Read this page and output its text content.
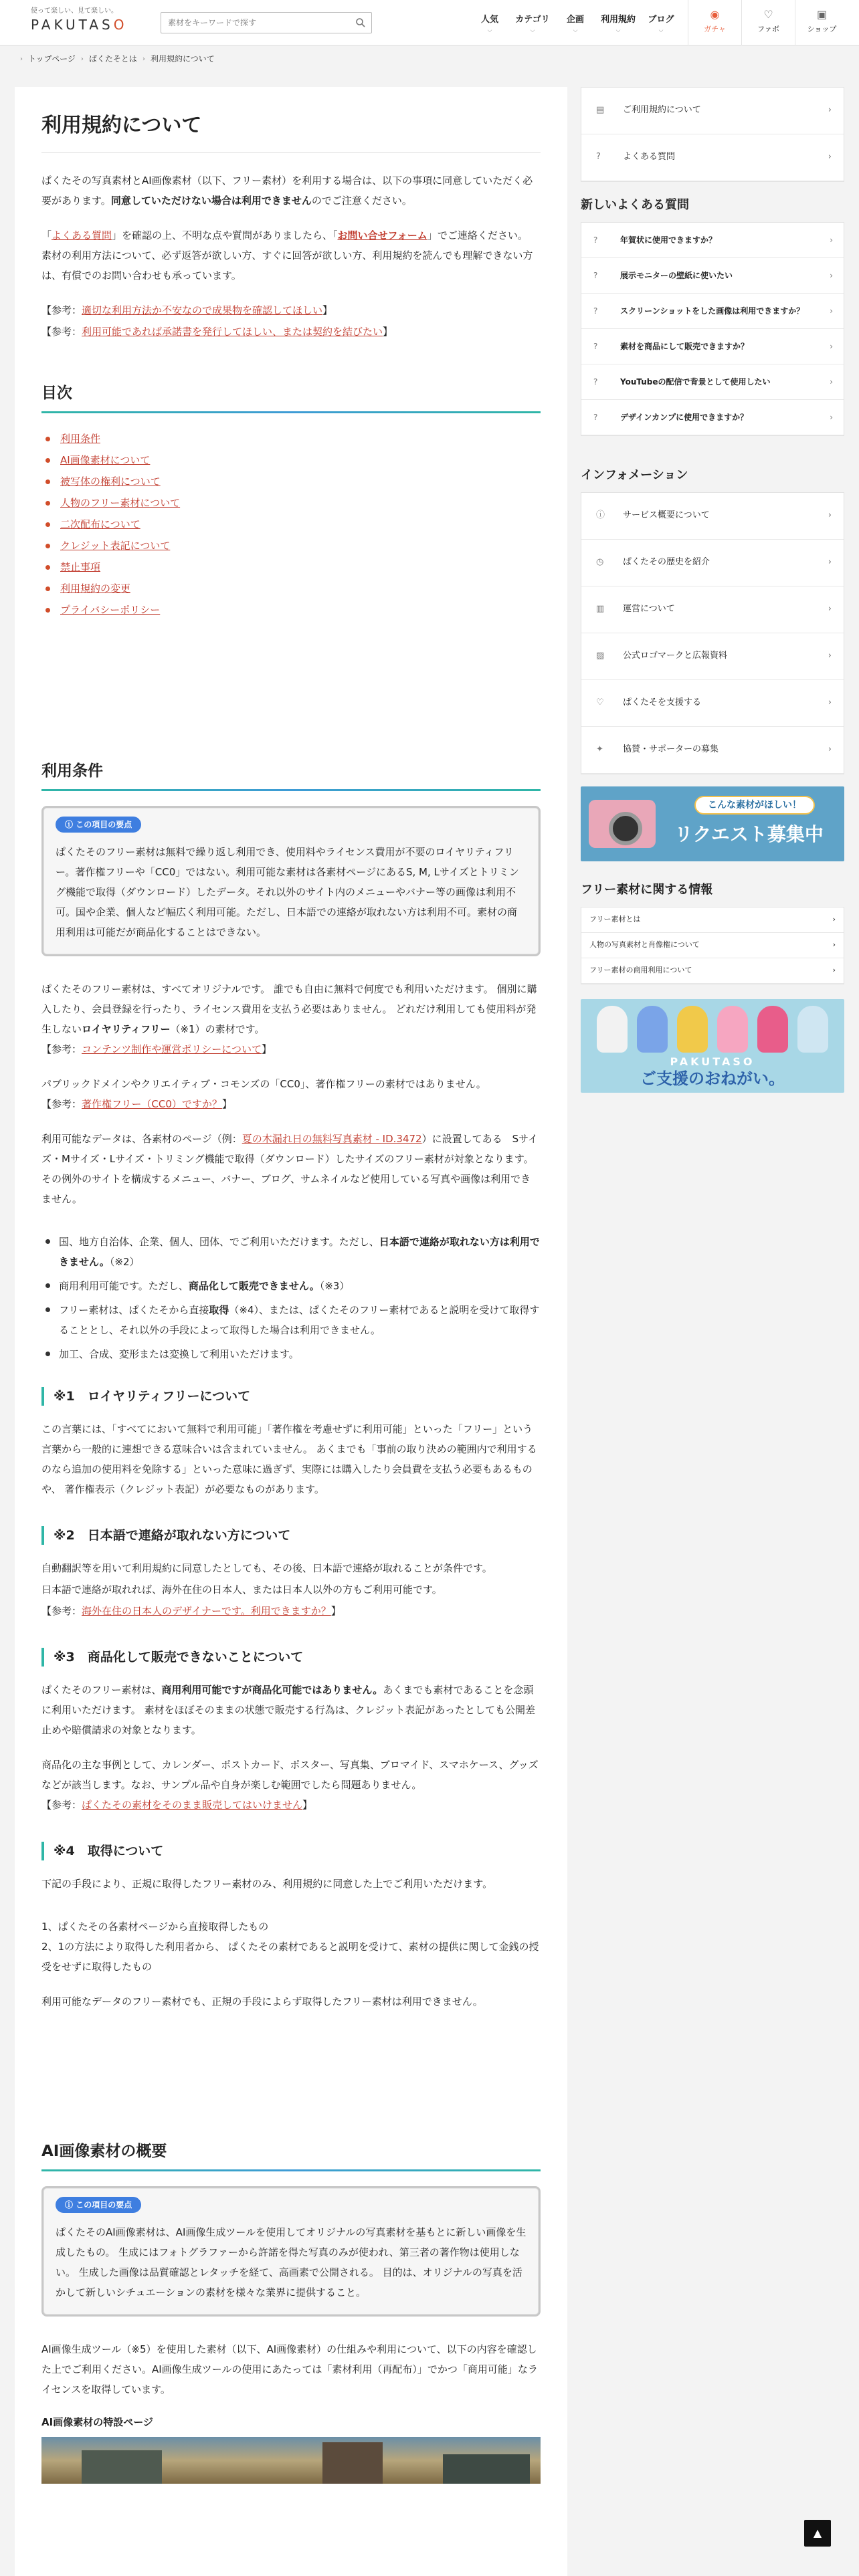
使って楽しい、見て楽しい。
PAKUTASO
素材をキーワードで探す	人気
⌵
カテゴリ
⌵
企画
⌵
利用規約
⌵
ブログ
⌵
◉
ガチャ
♡
ファボ
▣
ショップ
› トップページ › ぱくたそとは › 利用規約について
利用規約について

ぱくたその写真素材とAI画像素材（以下、フリー素材）を利用する場合は、以下の事項に同意していただく必要があります。同意していただけない場合は利用できませんのでご注意ください。

「よくある質問」を確認の上、不明な点や質問がありましたら、「お問い合せフォーム」でご連絡ください。 素材の利用方法について、必ず返答が欲しい方、すぐに回答が欲しい方、利用規約を読んでも理解できない方は、有償でのお問い合わせも承っています。

【参考：適切な利用方法か不安なので成果物を確認してほしい】
【参考：利用可能であれば承諾書を発行してほしい、または契約を結びたい】
目次
利用条件
AI画像素材について
被写体の権利について
人物のフリー素材について
二次配布について
クレジット表記について
禁止事項
利用規約の変更
プライバシーポリシー
利用条件
ⓘ この項目の要点

ぱくたそのフリー素材は無料で繰り返し利用でき、使用料やライセンス費用が不要のロイヤリティフリー。著作権フリーや「CC0」ではない。利用可能な素材は各素材ページにあるS, M, Lサイズとトリミング機能で取得（ダウンロード）したデータ。それ以外のサイト内のメニューやバナー等の画像は利用不可。国や企業、個人など幅広く利用可能。ただし、日本語での連絡が取れない方は利用不可。素材の商用利用は可能だが商品化することはできない。

ぱくたそのフリー素材は、すべてオリジナルです。 誰でも自由に無料で何度でも利用いただけます。 個別に購入したり、会員登録を行ったり、ライセンス費用を支払う必要はありません。 どれだけ利用しても使用料が発生しないロイヤリティフリー（※1）の素材です。

【参考：コンテンツ制作や運営ポリシーについて】

パブリックドメインやクリエイティブ・コモンズの「CC0」、著作権フリーの素材ではありません。

【参考：著作権フリー（CC0）ですか？】

利用可能なデータは、各素材のページ（例：夏の木漏れ日の無料写真素材 - ID.3472）に設置してある　Sサイズ・Mサイズ・Lサイズ・トリミング機能で取得（ダウンロード）したサイズのフリー素材が対象となります。 その例外のサイトを構成するメニュー、バナー、ブログ、サムネイルなど使用している写真や画像は利用できません。

国、地方自治体、企業、個人、団体、でご利用いただけます。ただし、日本語で連絡が取れない方は利用できません。（※2）
商用利用可能です。ただし、商品化して販売できません。（※3）
フリー素材は、ぱくたそから直接取得（※4）、または、ぱくたそのフリー素材であると説明を受けて取得することとし、それ以外の手段によって取得した場合は利用できません。
加工、合成、変形または変換して利用いただけます。
※1　ロイヤリティフリーについて

この言葉には、「すべてにおいて無料で利用可能」「著作権を考慮せずに利用可能」といった「フリー」という言葉から一般的に連想できる意味合いは含まれていません。 あくまでも「事前の取り決めの範囲内で利用するのなら追加の使用料を免除する」といった意味に過ぎず、実際には購入したり会員費を支払う必要もあるものや、 著作権表示（クレジット表記）が必要なものがあります。

※2　日本語で連絡が取れない方について
自動翻訳等を用いて利用規約に同意したとしても、その後、日本語で連絡が取れることが条件です。
日本語で連絡が取れれば、海外在住の日本人、または日本人以外の方もご利用可能です。
【参考：海外在住の日本人のデザイナーです。利用できますか？】
※3　商品化して販売できないことについて

ぱくたそのフリー素材は、商用利用可能ですが商品化可能ではありません。あくまでも素材であることを念頭に利用いただけます。 素材をほぼそのままの状態で販売する行為は、クレジット表記があったとしても公開差止めや賠償請求の対象となります。

商品化の主な事例として、カレンダー、ポストカード、ポスター、写真集、ブロマイド、スマホケース、グッズなどが該当します。なお、サンプル品や自身が楽しむ範囲でしたら問題ありません。

【参考：ぱくたその素材をそのまま販売してはいけません】
※4　取得について

下記の手段により、正規に取得したフリー素材のみ、利用規約に同意した上でご利用いただけます。

1、ぱくたその各素材ページから直接取得したもの
2、1の方法により取得した利用者から、 ぱくたその素材であると説明を受けて、素材の提供に関して金銭の授受をせずに取得したもの

利用可能なデータのフリー素材でも、正規の手段によらず取得したフリー素材は利用できません。

AI画像素材の概要
ⓘ この項目の要点

ぱくたそのAI画像素材は、AI画像生成ツールを使用してオリジナルの写真素材を基もとに新しい画像を生成したもの。 生成にはフォトグラファーから許諾を得た写真のみが使われ、第三者の著作物は使用しない。 生成した画像は品質確認とレタッチを経て、高画素で公開される。 目的は、オリジナルの写真を活かして新しいシチュエーションの素材を様々な業界に提供すること。

AI画像生成ツール（※5）を使用した素材（以下、AI画像素材）の仕組みや利用について、以下の内容を確認した上でご利用ください。AI画像生成ツールの使用にあたっては「素材利用（再配布）」でかつ「商用可能」なライセンスを取得しています。

AI画像素材の特設ページ
▤	ご利用規約について	›
?	よくある質問	›
新しいよくある質問
?	年賀状に使用できますか？	›
?	展示モニターの壁紙に使いたい	›
?	スクリーンショットをした画像は利用できますか？	›
?	素材を商品にして販売できますか？	›
?	YouTubeの配信で背景として使用したい	›
?	デザインカンプに使用できますか？	›
インフォメーション
ⓘ	サービス概要について	›
◷	ぱくたその歴史を紹介	›
▥	運営について	›
▨	公式ロゴマークと広報資料	›
♡	ぱくたそを支援する	›
✦	協賛・サポーターの募集	›
こんな素材がほしい！
リクエスト募集中
フリー素材に関する情報
フリー素材とは	›
人物の写真素材と肖像権について	›
フリー素材の商用利用について	›
PAKUTASO
ご支援のおねがい。
▲
